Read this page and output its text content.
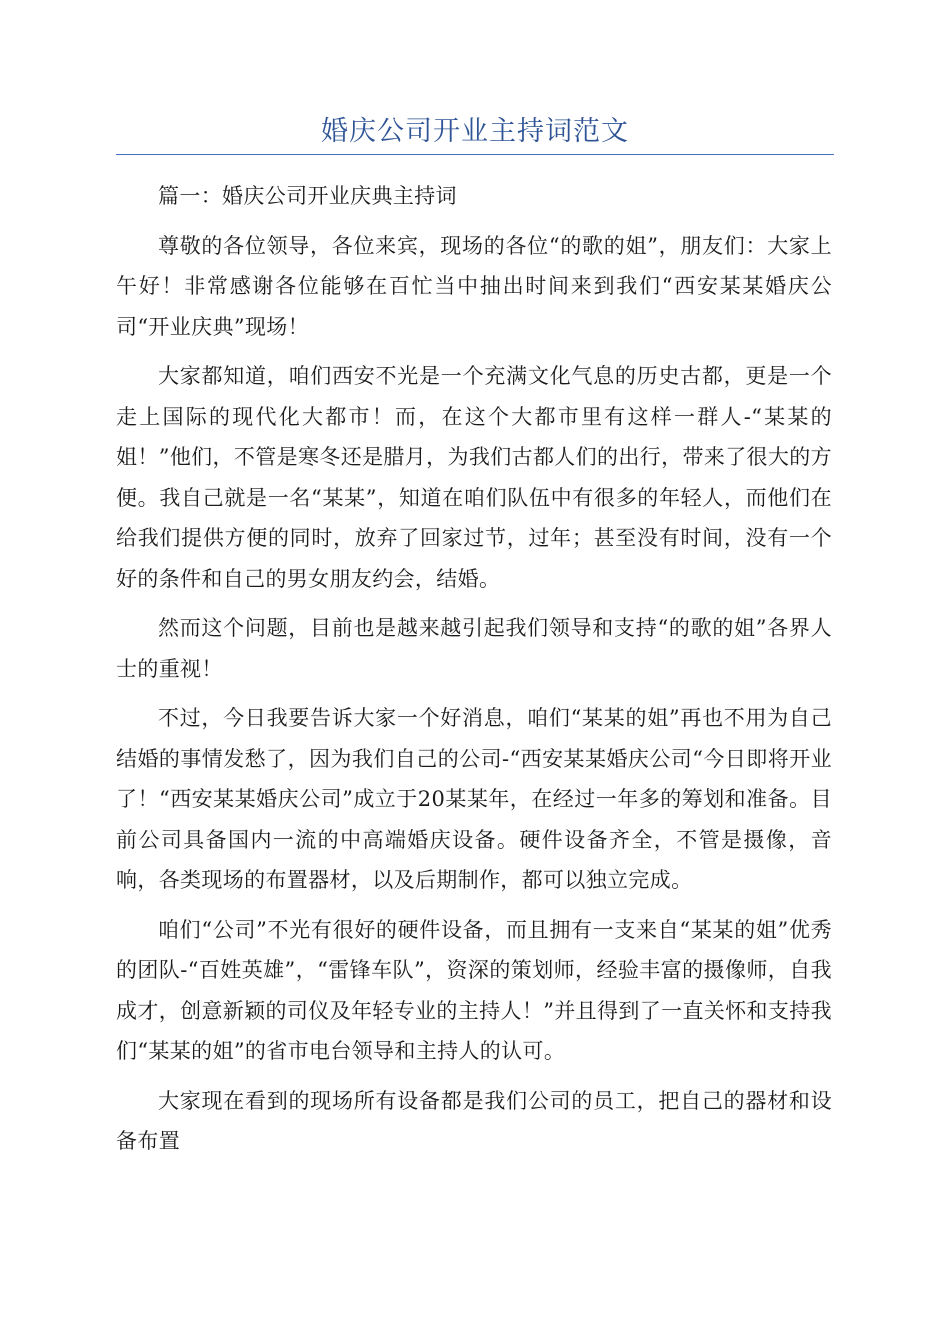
婚庆公司开业主持词范文

篇一：婚庆公司开业庆典主持词

尊敬的各位领导，各位来宾，现场的各位“的歌的姐”，朋友们：大家上午好！非常感谢各位能够在百忙当中抽出时间来到我们“西安某某婚庆公司“开业庆典”现场！

大家都知道，咱们西安不光是一个充满文化气息的历史古都，更是一个走上国际的现代化大都市！而，在这个大都市里有这样一群人-“某某的姐！”他们，不管是寒冬还是腊月，为我们古都人们的出行，带来了很大的方便。我自己就是一名“某某”，知道在咱们队伍中有很多的年轻人，而他们在给我们提供方便的同时，放弃了回家过节，过年；甚至没有时间，没有一个好的条件和自己的男女朋友约会，结婚。

然而这个问题，目前也是越来越引起我们领导和支持“的歌的姐”各界人士的重视！

不过，今日我要告诉大家一个好消息，咱们“某某的姐”再也不用为自己结婚的事情发愁了，因为我们自己的公司-“西安某某婚庆公司“今日即将开业了！“西安某某婚庆公司”成立于20某某年，在经过一年多的筹划和准备。目前公司具备国内一流的中高端婚庆设备。硬件设备齐全，不管是摄像，音响，各类现场的布置器材，以及后期制作，都可以独立完成。

咱们“公司”不光有很好的硬件设备，而且拥有一支来自“某某的姐”优秀的团队-“百姓英雄”，“雷锋车队”，资深的策划师，经验丰富的摄像师，自我成才，创意新颖的司仪及年轻专业的主持人！”并且得到了一直关怀和支持我们“某某的姐”的省市电台领导和主持人的认可。

大家现在看到的现场所有设备都是我们公司的员工，把自己的器材和设备布置
